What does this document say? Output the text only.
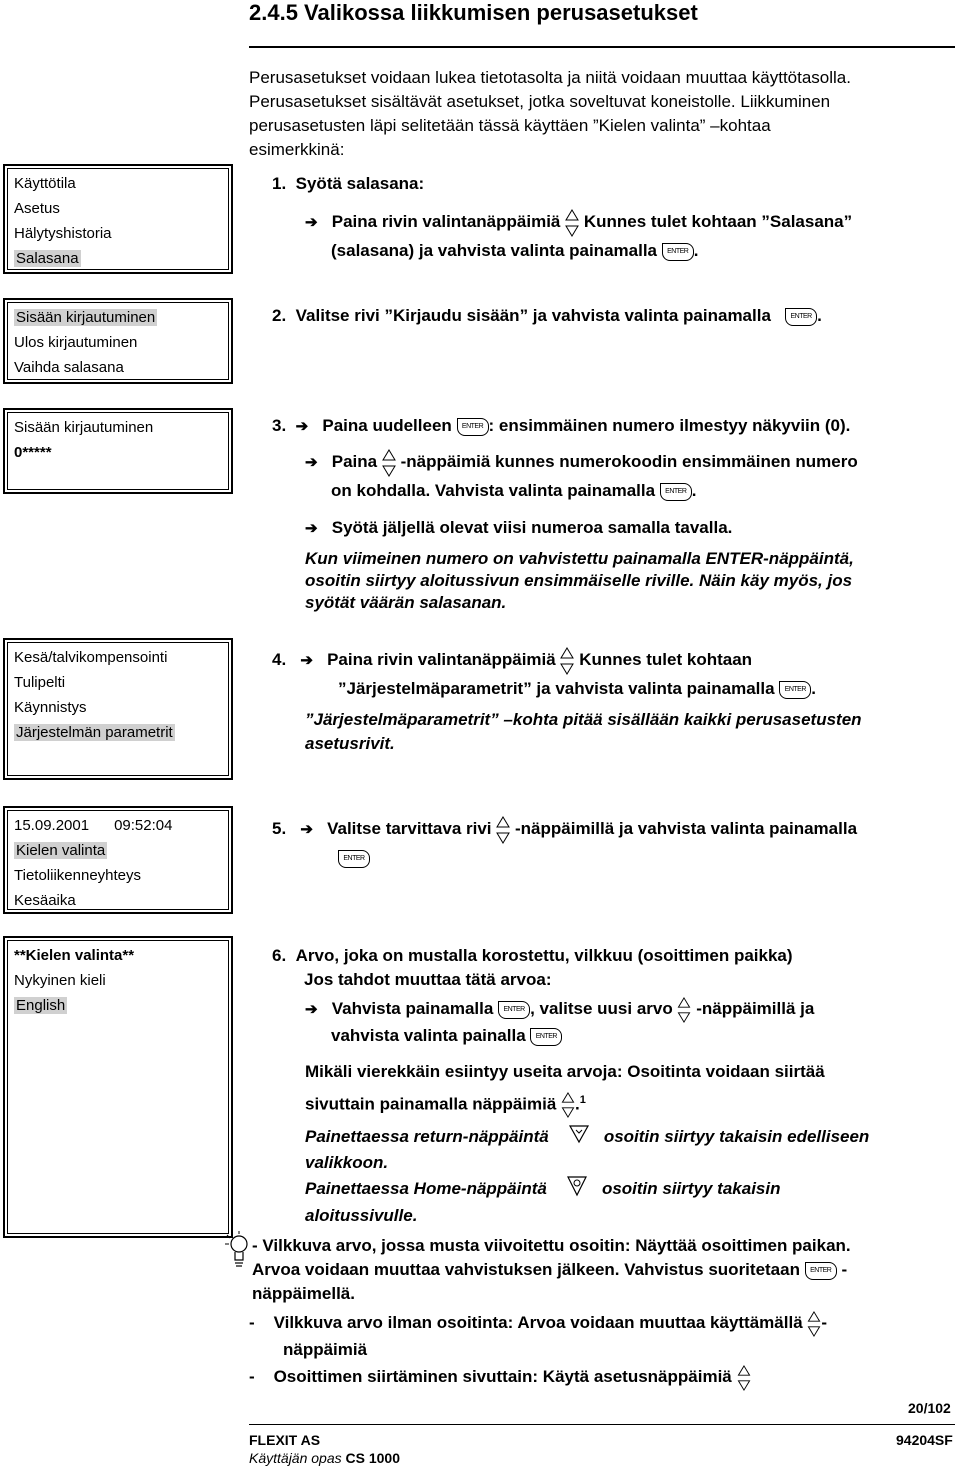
2.4.5 Valikossa liikkumisen perusasetukset
Perusasetukset voidaan lukea tietotasolta ja niitä voidaan muuttaa käyttötasolla.
Perusasetukset sisältävät asetukset, jotka soveltuvat koneistolle. Liikkuminen
perusasetusten läpi selitetään tässä käyttäen ”Kielen valinta” –kohtaa
esimerkkinä:
Käyttötila
Asetus
Hälytyshistoria
Salasana
1. Syötä salasana:
➔ Paina rivin valintanäppäimiä Kunnes tulet kohtaan ”Salasana”
(salasana) ja vahvista valinta painamalla ENTER .
Sisään kirjautuminen
Ulos kirjautuminen
Vaihda salasana
2. Valitse rivi ”Kirjaudu sisään” ja vahvista valinta painamalla	ENTER .
Sisään kirjautuminen
0*****
3. ➔ Paina uudelleen ENTER : ensimmäinen numero ilmestyy näkyviin (0).
➔ Paina -näppäimiä kunnes numerokoodin ensimmäinen numero
on kohdalla. Vahvista valinta painamalla ENTER .
➔ Syötä jäljellä olevat viisi numeroa samalla tavalla.
Kun viimeinen numero on vahvistettu painamalla ENTER-näppäintä,
osoitin siirtyy aloitussivun ensimmäiselle riville. Näin käy myös, jos
syötät väärän salasanan.
Kesä/talvikompensointi
Tulipelti
Käynnistys
Järjestelmän parametrit
4. ➔ Paina rivin valintanäppäimiä Kunnes tulet kohtaan
”Järjestelmäparametrit” ja vahvista valinta painamalla ENTER .
”Järjestelmäparametrit” –kohta pitää sisällään kaikki perusasetusten
asetusrivit.
15.09.2001      09:52:04
Kielen valinta
Tietoliikenneyhteys
Kesäaika
5. ➔ Valitse tarvittava rivi -näppäimillä ja vahvista valinta painamalla
ENTER
**Kielen valinta**
Nykyinen kieli
English
6. Arvo, joka on mustalla korostettu, vilkkuu (osoittimen paikka)
Jos tahdot muuttaa tätä arvoa:
➔ Vahvista painamalla ENTER , valitse uusi arvo -näppäimillä ja
vahvista valinta painalla ENTER
Mikäli vierekkäin esiintyy useita arvoja: Osoitinta voidaan siirtää
sivuttain painamalla näppäimiä .$^1$
Painettaessa return-näppäintä	osoitin siirtyy takaisin edelliseen
valikkoon.
Painettaessa Home-näppäintä	osoitin siirtyy takaisin
aloitussivulle.
- Vilkkuva arvo, jossa musta viivoitettu osoitin: Näyttää osoittimen paikan.
Arvoa voidaan muuttaa vahvistuksen jälkeen. Vahvistus suoritetaan ENTER -
näppäimellä.
- Vilkkuva arvo ilman osoitinta: Arvoa voidaan muuttaa käyttämällä -
näppäimiä
- Osoittimen siirtäminen sivuttain: Käytä asetusnäppäimiä
20/102
FLEXIT AS
Käyttäjän opas CS 1000
94204SF
